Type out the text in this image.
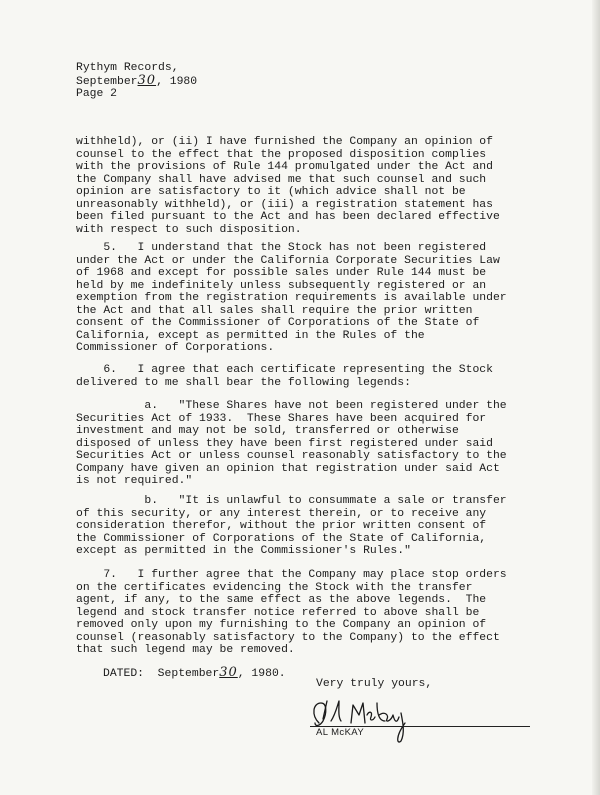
Rythym Records,
September30, 1980
Page 2
withheld), or (ii) I have furnished the Company an opinion of
counsel to the effect that the proposed disposition complies
with the provisions of Rule 144 promulgated under the Act and
the Company shall have advised me that such counsel and such
opinion are satisfactory to it (which advice shall not be
unreasonably withheld), or (iii) a registration statement has
been filed pursuant to the Act and has been declared effective
with respect to such disposition.
5.   I understand that the Stock has not been registered
under the Act or under the California Corporate Securities Law
of 1968 and except for possible sales under Rule 144 must be
held by me indefinitely unless subsequently registered or an
exemption from the registration requirements is available under
the Act and that all sales shall require the prior written
consent of the Commissioner of Corporations of the State of
California, except as permitted in the Rules of the
Commissioner of Corporations.
6.   I agree that each certificate representing the Stock
delivered to me shall bear the following legends:
a.   "These Shares have not been registered under the
Securities Act of 1933.  These Shares have been acquired for
investment and may not be sold, transferred or otherwise
disposed of unless they have been first registered under said
Securities Act or unless counsel reasonably satisfactory to the
Company have given an opinion that registration under said Act
is not required."
b.   "It is unlawful to consummate a sale or transfer
of this security, or any interest therein, or to receive any
consideration therefor, without the prior written consent of
the Commissioner of Corporations of the State of California,
except as permitted in the Commissioner's Rules."
7.   I further agree that the Company may place stop orders
on the certificates evidencing the Stock with the transfer
agent, if any, to the same effect as the above legends.  The
legend and stock transfer notice referred to above shall be
removed only upon my furnishing to the Company an opinion of
counsel (reasonably satisfactory to the Company) to the effect
that such legend may be removed.
DATED:  September30, 1980.
Very truly yours,
AL McKAY
